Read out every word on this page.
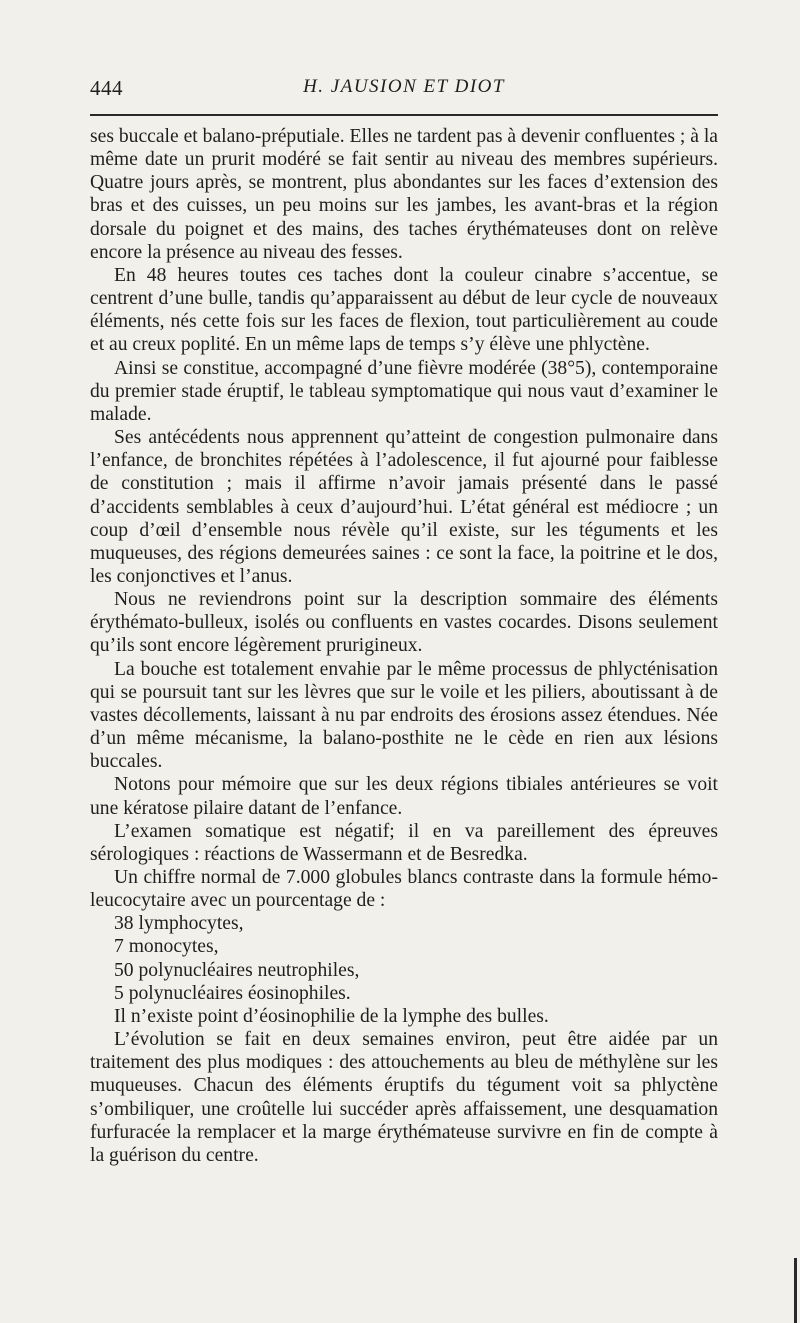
444	H. JAUSION ET DIOT

ses buccale et balano-préputiale. Elles ne tardent pas à devenir confluentes ; à la même date un prurit modéré se fait sentir au niveau des membres supérieurs. Quatre jours après, se montrent, plus abondantes sur les faces d’extension des bras et des cuisses, un peu moins sur les jambes, les avant-bras et la région dorsale du poignet et des mains, des taches érythémateuses dont on relève encore la présence au niveau des fesses.

En 48 heures toutes ces taches dont la couleur cinabre s’accentue, se centrent d’une bulle, tandis qu’apparaissent au début de leur cycle de nouveaux éléments, nés cette fois sur les faces de flexion, tout particulièrement au coude et au creux poplité. En un même laps de temps s’y élève une phlyctène.

Ainsi se constitue, accompagné d’une fièvre modérée (38°5), contemporaine du premier stade éruptif, le tableau symptomatique qui nous vaut d’examiner le malade.

Ses antécédents nous apprennent qu’atteint de congestion pulmonaire dans l’enfance, de bronchites répétées à l’adolescence, il fut ajourné pour faiblesse de constitution ; mais il affirme n’avoir jamais présenté dans le passé d’accidents semblables à ceux d’aujourd’hui. L’état général est médiocre ; un coup d’œil d’ensemble nous révèle qu’il existe, sur les téguments et les muqueuses, des régions demeurées saines : ce sont la face, la poitrine et le dos, les conjonctives et l’anus.

Nous ne reviendrons point sur la description sommaire des éléments érythémato-bulleux, isolés ou confluents en vastes cocardes. Disons seulement qu’ils sont encore légèrement prurigineux.

La bouche est totalement envahie par le même processus de phlycténisation qui se poursuit tant sur les lèvres que sur le voile et les piliers, aboutissant à de vastes décollements, laissant à nu par endroits des érosions assez étendues. Née d’un même mécanisme, la balano-posthite ne le cède en rien aux lésions buccales.

Notons pour mémoire que sur les deux régions tibiales antérieures se voit une kératose pilaire datant de l’enfance.

L’examen somatique est négatif; il en va pareillement des épreuves sérologiques : réactions de Wassermann et de Besredka.

Un chiffre normal de 7.000 globules blancs contraste dans la formule hémo-leucocytaire avec un pourcentage de :

38 lymphocytes,
7 monocytes,
50 polynucléaires neutrophiles,
5 polynucléaires éosinophiles.

Il n’existe point d’éosinophilie de la lymphe des bulles.

L’évolution se fait en deux semaines environ, peut être aidée par un traitement des plus modiques : des attouchements au bleu de méthylène sur les muqueuses. Chacun des éléments éruptifs du tégument voit sa phlyctène s’ombiliquer, une croûtelle lui succéder après affaissement, une desquamation furfuracée la remplacer et la marge érythémateuse survivre en fin de compte à la guérison du centre.
